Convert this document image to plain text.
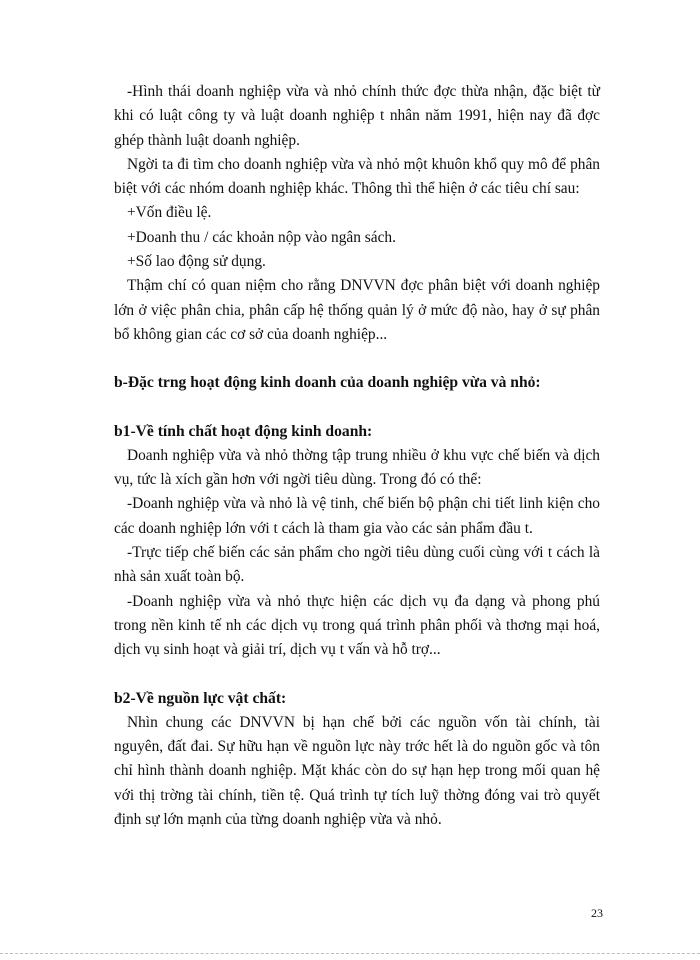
-Hình thái doanh nghiệp vừa và nhỏ chính thức đợc thừa nhận, đặc biệt từ khi có luật công ty và luật doanh nghiệp t nhân năm 1991, hiện nay đã đợc ghép thành luật doanh nghiệp.

Ngời ta đi tìm cho doanh nghiệp vừa và nhỏ một khuôn khổ quy mô để phân biệt với các nhóm doanh nghiệp khác. Thông thì thể hiện ở các tiêu chí sau:

+Vốn điều lệ.

+Doanh thu / các khoản nộp vào ngân sách.

+Số lao động sử dụng.

Thậm chí có quan niệm cho rằng DNVVN đợc phân biệt với doanh nghiệp lớn ở việc phân chia, phân cấp hệ thống quản lý ở mức độ nào, hay ở sự phân bổ không gian các cơ sở của doanh nghiệp...

b-Đặc trng hoạt động kinh doanh của doanh nghiệp vừa và nhỏ:

b1-Về tính chất hoạt động kinh doanh:

Doanh nghiệp vừa và nhỏ thờng tập trung nhiều ở khu vực chế biến và dịch vụ, tức là xích gần hơn với ngời tiêu dùng. Trong đó có thể:

-Doanh nghiệp vừa và nhỏ là vệ tinh, chế biến bộ phận chi tiết linh kiện cho các doanh nghiệp lớn với t cách là tham gia vào các sản phẩm đầu t.

-Trực tiếp chế biến các sản phẩm cho ngời tiêu dùng cuối cùng với t cách là nhà sản xuất toàn bộ.

-Doanh nghiệp vừa và nhỏ thực hiện các dịch vụ đa dạng và phong phú trong nền kinh tế nh các dịch vụ trong quá trình phân phối và thơng mại hoá, dịch vụ sinh hoạt và giải trí, dịch vụ t vấn và hỗ trợ...

b2-Về nguồn lực vật chất:

Nhìn chung các DNVVN bị hạn chế bởi các nguồn vốn tài chính, tài nguyên, đất đai. Sự hữu hạn về nguồn lực này trớc hết là do nguồn gốc và tôn chỉ hình thành doanh nghiệp. Mặt khác còn do sự hạn hẹp trong mối quan hệ với thị trờng tài chính, tiền tệ. Quá trình tự tích luỹ thờng đóng vai trò quyết định sự lớn mạnh của từng doanh nghiệp vừa và nhỏ.

23
